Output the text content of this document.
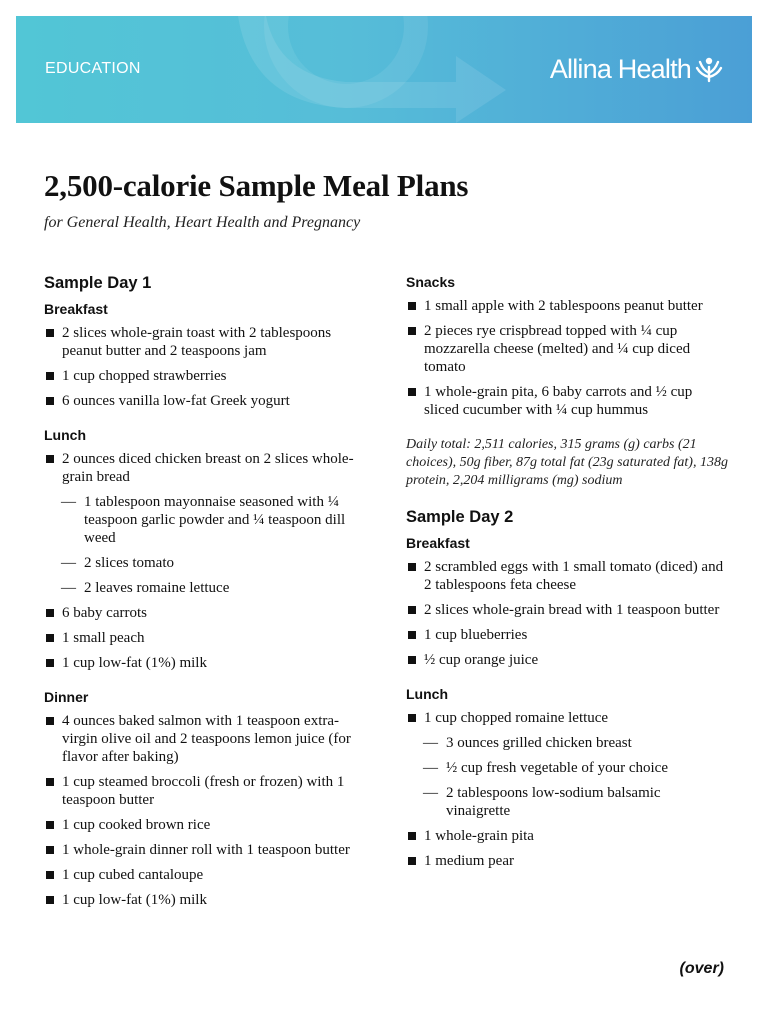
EDUCATION	Allina Health
2,500-calorie Sample Meal Plans

for General Health, Heart Health and Pregnancy

Sample Day 1
Breakfast
2 slices whole-grain toast with 2 tablespoons peanut butter and 2 teaspoons jam
1 cup chopped strawberries
6 ounces vanilla low-fat Greek yogurt
Lunch
2 ounces diced chicken breast on 2 slices whole-grain bread
— 1 tablespoon mayonnaise seasoned with ¼ teaspoon garlic powder and ¼ teaspoon dill weed
— 2 slices tomato
— 2 leaves romaine lettuce
6 baby carrots
1 small peach
1 cup low-fat (1%) milk
Dinner
4 ounces baked salmon with 1 teaspoon extra-virgin olive oil and 2 teaspoons lemon juice (for flavor after baking)
1 cup steamed broccoli (fresh or frozen) with 1 teaspoon butter
1 cup cooked brown rice
1 whole-grain dinner roll with 1 teaspoon butter
1 cup cubed cantaloupe
1 cup low-fat (1%) milk
Snacks
1 small apple with 2 tablespoons peanut butter
2 pieces rye crispbread topped with ¼ cup mozzarella cheese (melted) and ¼ cup diced tomato
1 whole-grain pita, 6 baby carrots and ½ cup sliced cucumber with ¼ cup hummus

Daily total: 2,511 calories, 315 grams (g) carbs (21 choices), 50g fiber, 87g total fat (23g saturated fat), 138g protein, 2,204 milligrams (mg) sodium

Sample Day 2
Breakfast
2 scrambled eggs with 1 small tomato (diced) and 2 tablespoons feta cheese
2 slices whole-grain bread with 1 teaspoon butter
1 cup blueberries
½ cup orange juice
Lunch
1 cup chopped romaine lettuce
— 3 ounces grilled chicken breast
— ½ cup fresh vegetable of your choice
— 2 tablespoons low-sodium balsamic vinaigrette
1 whole-grain pita
1 medium pear
(over)
